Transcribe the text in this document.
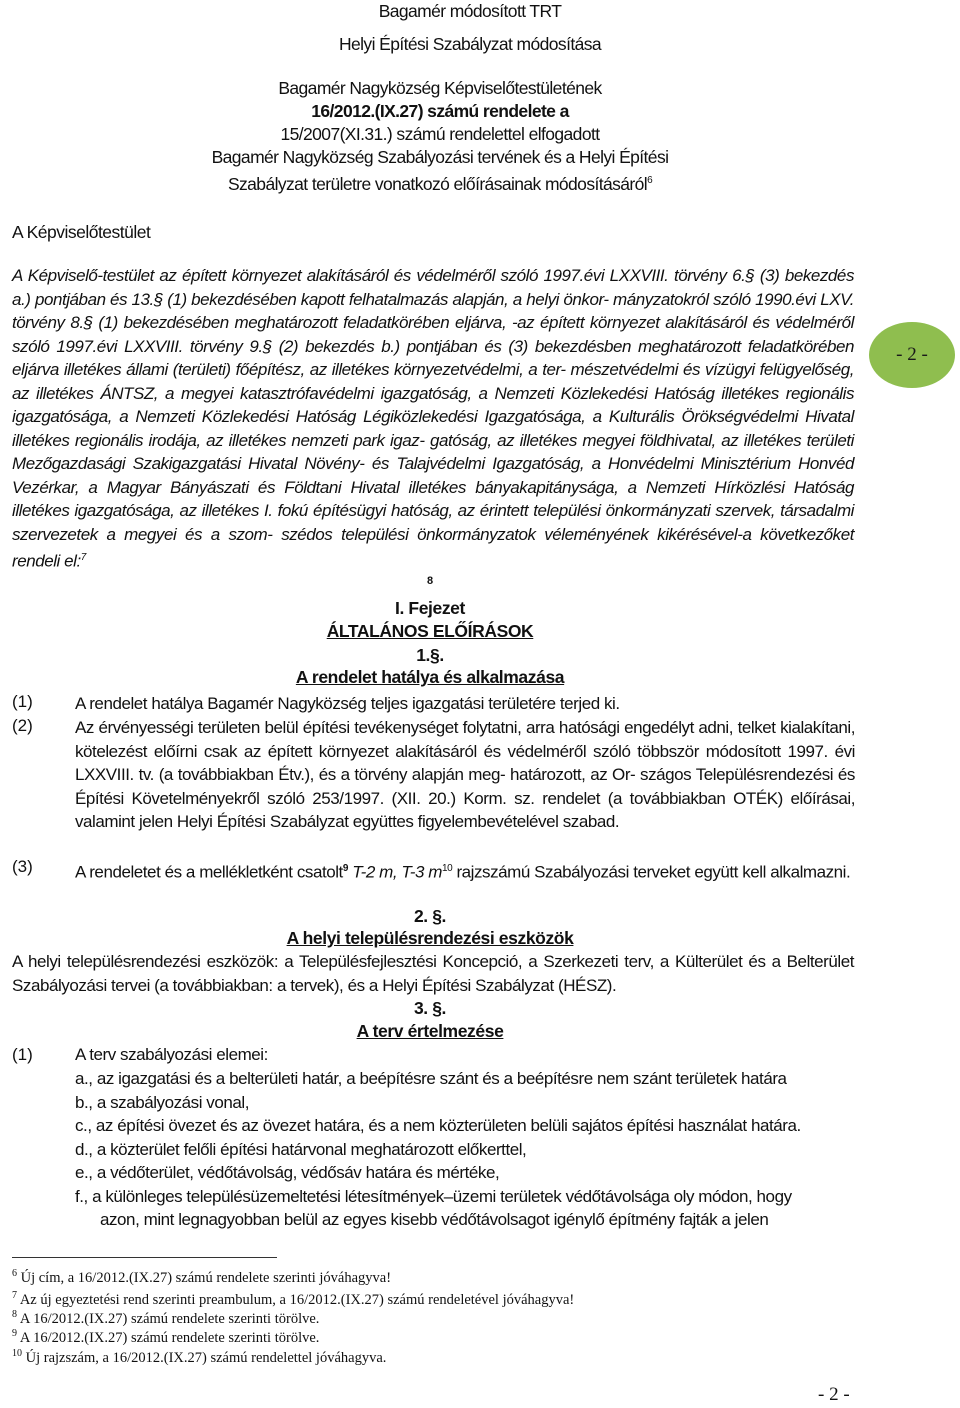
Bagamér módosított TRT
Helyi Építési Szabályzat módosítása
Bagamér Nagyközség Képviselőtestületének
16/2012.(IX.27) számú rendelete a
15/2007(XI.31.) számú rendelettel elfogadott
Bagamér Nagyközség Szabályozási tervének és a Helyi Építési
Szabályzat területre vonatkozó előírásainak módosításáról$^6$
A Képviselőtestület
A Képviselő-testület az épített környezet alakításáról és védelméről szóló 1997.évi LXXVIII. törvény 6.§ (3) bekezdés a.) pontjában és 13.§ (1) bekezdésében kapott felhatalmazás alapján, a helyi önkor- mányzatokról szóló 1990.évi LXV. törvény 8.§ (1) bekezdésében meghatározott feladatkörében eljárva, -az épített környezet alakításáról és védelméről szóló 1997.évi LXXVIII. törvény 9.§ (2) bekezdés b.) pontjában és (3) bekezdésben meghatározott feladatkörében eljárva illetékes állami (területi) főépítész, az illetékes környezetvédelmi, a ter- mészetvédelmi és vízügyi felügyelőség, az illetékes ÁNTSZ, a megyei katasztrófavédelmi igazgatóság, a Nemzeti Közlekedési Hatóság illetékes regionális igazgatósága, a Nemzeti Közlekedési Hatóság Légiközlekedési Igazgatósága, a Kulturális Örökségvédelmi Hivatal illetékes regionális irodája, az illetékes nemzeti park igaz- gatóság, az illetékes megyei földhivatal, az illetékes területi Mezőgazdasági Szakigazgatási Hivatal Növény- és Talajvédelmi Igazgatóság, a Honvédelmi Minisztérium Honvéd Vezérkar, a Magyar Bányászati és Földtani Hivatal illetékes bányakapitánysága, a Nemzeti Hírközlési Hatóság illetékes igazgatósága, az illetékes I. fokú építésügyi hatóság, az érintett települési önkormányzati szervek, társadalmi szervezetek a megyei és a szom- szédos települési önkormányzatok véleményének kikérésével-a következőket rendeli el:$^7$
- 2 -
8
I. Fejezet
ÁLTALÁNOS ELŐÍRÁSOK
1.§.
A rendelet hatálya és alkalmazása
(1) A rendelet hatálya Bagamér Nagyközség teljes igazgatási területére terjed ki.
(2) Az érvényességi területen belül építési tevékenységet folytatni, arra hatósági engedélyt adni, telket kialakítani, kötelezést előírni csak az épített környezet alakításáról és védelméről szóló többször módosított 1997. évi LXXVIII. tv. (a továbbiakban Étv.), és a törvény alapján meg- határozott, az Or- szágos Településrendezési és Építési Követelményekről szóló 253/1997. (XII. 20.) Korm. sz. rendelet (a továbbiakban OTÉK) előírásai, valamint jelen Helyi Építési Szabályzat együttes figyelembevételével szabad.
(3) A rendeletet és a mellékletként csatolt$^9$ T-2 m, T-3 $m^{10}$ rajzszámú Szabályozási terveket együtt kell alkalmazni.
2. §.
A helyi településrendezési eszközök
A helyi településrendezési eszközök: a Településfejlesztési Koncepció, a Szerkezeti terv, a Külterület és a Belterület Szabályozási tervei (a továbbiakban: a tervek), és a Helyi Építési Szabályzat (HÉSZ).
3. §.
A terv értelmezése
(1) A terv szabályozási elemei:
a., az igazgatási és a belterületi határ, a beépítésre szánt és a beépítésre nem szánt területek határa
b., a szabályozási vonal,
c., az építési övezet és az övezet határa, és a nem közterületen belüli sajátos építési használat határa.
d., a közterület felőli építési határvonal meghatározott előkerttel,
e., a védőterület, védőtávolság, védősáv határa és mértéke,
f., a különleges településüzemeltetési létesítmények–üzemi területek védőtávolsága oly módon, hogy
azon, mint legnagyobban belül az egyes kisebb védőtávolsagot igénylő építmény fajták a jelen
$^6$ Új cím, a 16/2012.(IX.27) számú rendelete szerinti jóváhagyva!
$^7$ Az új egyeztetési rend szerinti preambulum, a 16/2012.(IX.27) számú rendeletével jóváhagyva!
$^8$ A 16/2012.(IX.27) számú rendelete szerinti törölve.
$^9$ A 16/2012.(IX.27) számú rendelete szerinti törölve.
$^{10}$ Új rajzszám, a 16/2012.(IX.27) számú rendelettel jóváhagyva.
- 2 -
